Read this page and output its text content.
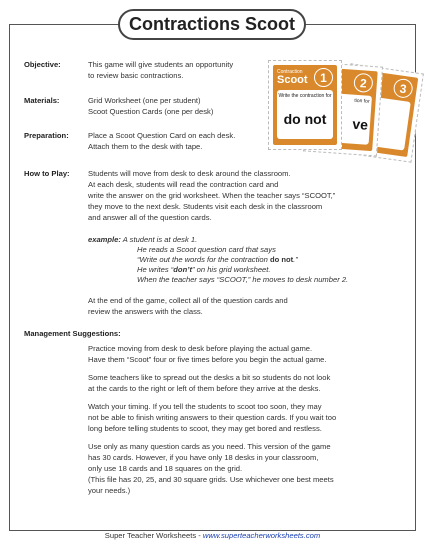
Contractions Scoot
3
2
tion for
ve
Contraction
Scoot	1
Write the contraction for
do not
Objective:	This game will give students an opportunity
to review basic contractions.
Materials:	Grid Worksheet (one per student)
Scoot Question Cards (one per desk)
Preparation:	Place a Scoot Question Card on each desk.
Attach them to the desk with tape.
How to Play: Students will move from desk to desk around the classroom.
At each desk, students will read the contraction card and
write the answer on the grid worksheet. When the teacher says “SCOOT,”
they move to the next desk. Students visit each desk in the classroom
and answer all of the question cards.
example: A student is at desk 1.
He reads a Scoot question card that says
“Write out the words for the contraction do not.”
He writes “don’t” on his grid worksheet.
When the teacher says “SCOOT,” he moves to desk number 2.
At the end of the game, collect all of the question cards and
review the answers with the class.
Management Suggestions:
Practice moving from desk to desk before playing the actual game.
Have them “Scoot” four or five times before you begin the actual game.
Some teachers like to spread out the desks a bit so students do not look
at the cards to the right or left of them before they arrive at the desks.
Watch your timing. If you tell the students to scoot too soon, they may
not be able to finish writing answers to their question cards. If you wait too
long before telling students to scoot, they may get bored and restless.
Use only as many question cards as you need. This version of the game
has 30 cards. However, if you have only 18 desks in your classroom,
only use 18 cards and 18 squares on the grid.
(This file has 20, 25, and 30 square grids. Use whichever one best meets
your needs.)
Super Teacher Worksheets - www.superteacherworksheets.com
